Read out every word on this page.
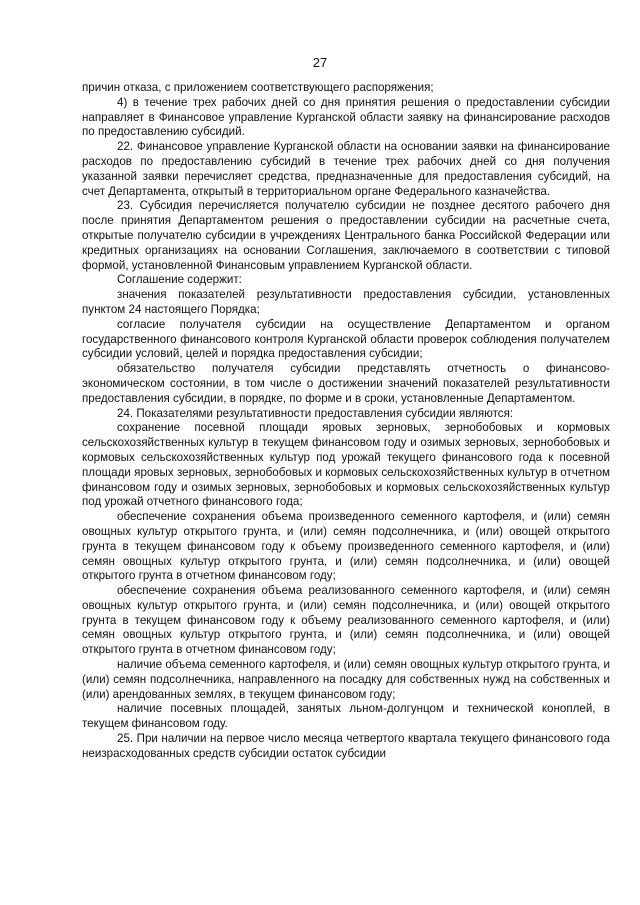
27

причин отказа, с приложением соответствующего распоряжения;

4) в течение трех рабочих дней со дня принятия решения о предоставлении субсидии направляет в Финансовое управление Курганской области заявку на финансирование расходов по предоставлению субсидий.

22. Финансовое управление Курганской области на основании заявки на финансирование расходов по предоставлению субсидий в течение трех рабочих дней со дня получения указанной заявки перечисляет средства, предназначенные для предоставления субсидий, на счет Департамента, открытый в территориальном органе Федерального казначейства.

23. Субсидия перечисляется получателю субсидии не позднее десятого рабочего дня после принятия Департаментом решения о предоставлении субсидии на расчетные счета, открытые получателю субсидии в учреждениях Центрального банка Российской Федерации или кредитных организациях на основании Соглашения, заключаемого в соответствии с типовой формой, установленной Финансовым управлением Курганской области.

Соглашение содержит:

значения показателей результативности предоставления субсидии, установленных пунктом 24 настоящего Порядка;

согласие получателя субсидии на осуществление Департаментом и органом государственного финансового контроля Курганской области проверок соблюдения получателем субсидии условий, целей и порядка предоставления субсидии;

обязательство получателя субсидии представлять отчетность о финансово-экономическом состоянии, в том числе о достижении значений показателей результативности предоставления субсидии, в порядке, по форме и в сроки, установленные Департаментом.

24. Показателями результативности предоставления субсидии являются:

сохранение посевной площади яровых зерновых, зернобобовых и кормовых сельскохозяйственных культур в текущем финансовом году и озимых зерновых, зернобобовых и кормовых сельскохозяйственных культур под урожай текущего финансового года к посевной площади яровых зерновых, зернобобовых и кормовых сельскохозяйственных культур в отчетном финансовом году и озимых зерновых, зернобобовых и кормовых сельскохозяйственных культур под урожай отчетного финансового года;

обеспечение сохранения объема произведенного семенного картофеля, и (или) семян овощных культур открытого грунта, и (или) семян подсолнечника, и (или) овощей открытого грунта в текущем финансовом году к объему произведенного семенного картофеля, и (или) семян овощных культур открытого грунта, и (или) семян подсолнечника, и (или) овощей открытого грунта в отчетном финансовом году;

обеспечение сохранения объема реализованного семенного картофеля, и (или) семян овощных культур открытого грунта, и (или) семян подсолнечника, и (или) овощей открытого грунта в текущем финансовом году к объему реализованного семенного картофеля, и (или) семян овощных культур открытого грунта, и (или) семян подсолнечника, и (или) овощей открытого грунта в отчетном финансовом году;

наличие объема семенного картофеля, и (или) семян овощных культур открытого грунта, и (или) семян подсолнечника, направленного на посадку для собственных нужд на собственных и (или) арендованных землях, в текущем финансовом году;

наличие посевных площадей, занятых льном-долгунцом и технической коноплей, в текущем финансовом году.

25. При наличии на первое число месяца четвертого квартала текущего финансового года неизрасходованных средств субсидии остаток субсидии
